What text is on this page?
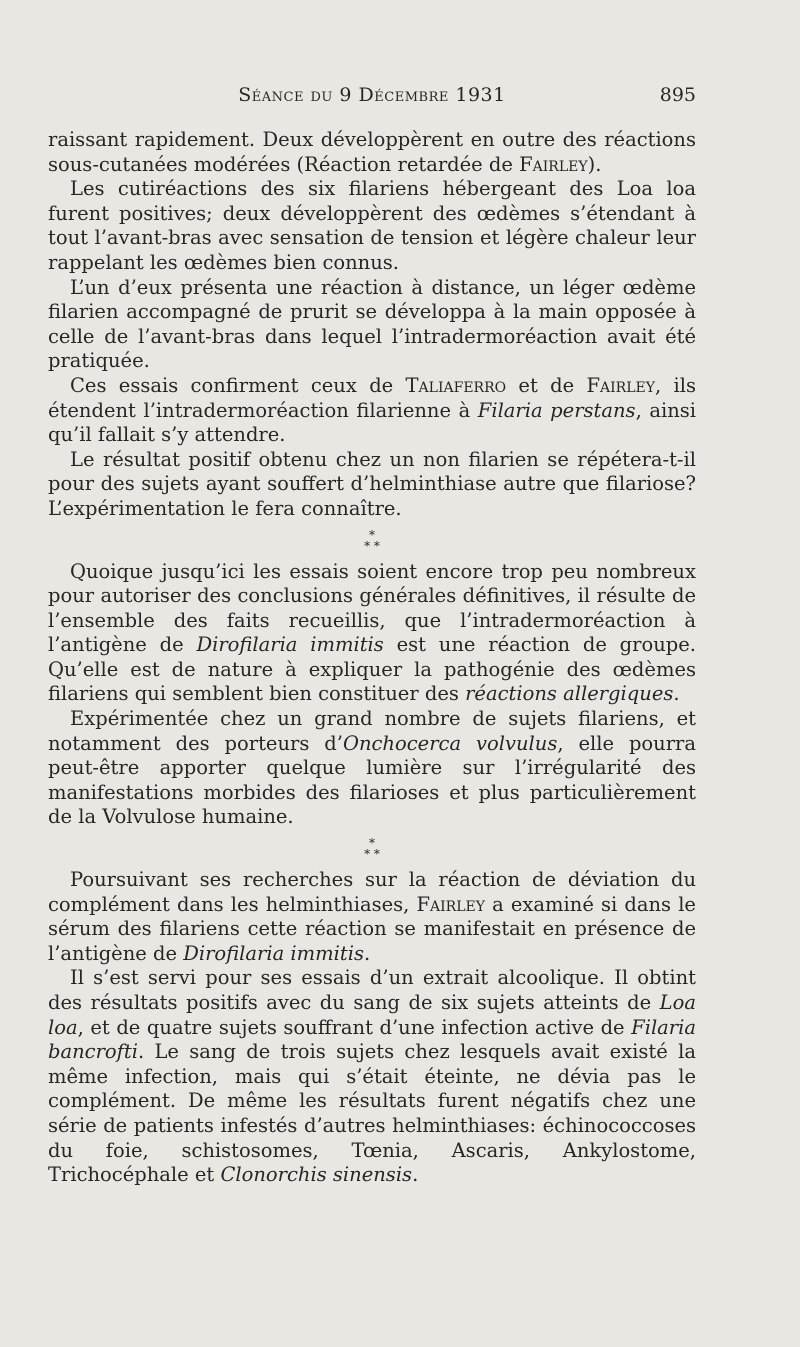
Séance du 9 Décembre 1931	895

raissant rapidement. Deux développèrent en outre des réactions sous-cutanées modérées (Réaction retardée de Fairley).

Les cutiréactions des six filariens hébergeant des Loa loa furent positives; deux développèrent des œdèmes s’étendant à tout l’avant-bras avec sensation de tension et légère chaleur leur rappelant les œdèmes bien connus.

L’un d’eux présenta une réaction à distance, un léger œdème filarien accompagné de prurit se développa à la main opposée à celle de l’avant-bras dans lequel l’intradermoréaction avait été pratiquée.

Ces essais confirment ceux de Taliaferro et de Fairley, ils étendent l’intradermoréaction filarienne à Filaria perstans, ainsi qu’il fallait s’y attendre.

Le résultat positif obtenu chez un non filarien se répétera-t-il pour des sujets ayant souffert d’helminthiase autre que filariose? L’expérimentation le fera connaître.

*
* *

Quoique jusqu’ici les essais soient encore trop peu nombreux pour autoriser des conclusions générales définitives, il résulte de l’ensemble des faits recueillis, que l’intradermoréaction à l’antigène de Dirofilaria immitis est une réaction de groupe. Qu’elle est de nature à expliquer la pathogénie des œdèmes filariens qui semblent bien constituer des réactions allergiques.

Expérimentée chez un grand nombre de sujets filariens, et notamment des porteurs d’Onchocerca volvulus, elle pourra peut-être apporter quelque lumière sur l’irrégularité des manifestations morbides des filarioses et plus particulièrement de la Volvulose humaine.

*
* *

Poursuivant ses recherches sur la réaction de déviation du complément dans les helminthiases, Fairley a examiné si dans le sérum des filariens cette réaction se manifestait en présence de l’antigène de Dirofilaria immitis.

Il s’est servi pour ses essais d’un extrait alcoolique. Il obtint des résultats positifs avec du sang de six sujets atteints de Loa loa, et de quatre sujets souffrant d’une infection active de Filaria bancrofti. Le sang de trois sujets chez lesquels avait existé la même infection, mais qui s’était éteinte, ne dévia pas le complément. De même les résultats furent négatifs chez une série de patients infestés d’autres helminthiases: échinococcoses du foie, schistosomes, Tœnia, Ascaris, Ankylostome, Trichocéphale et Clonorchis sinensis.
